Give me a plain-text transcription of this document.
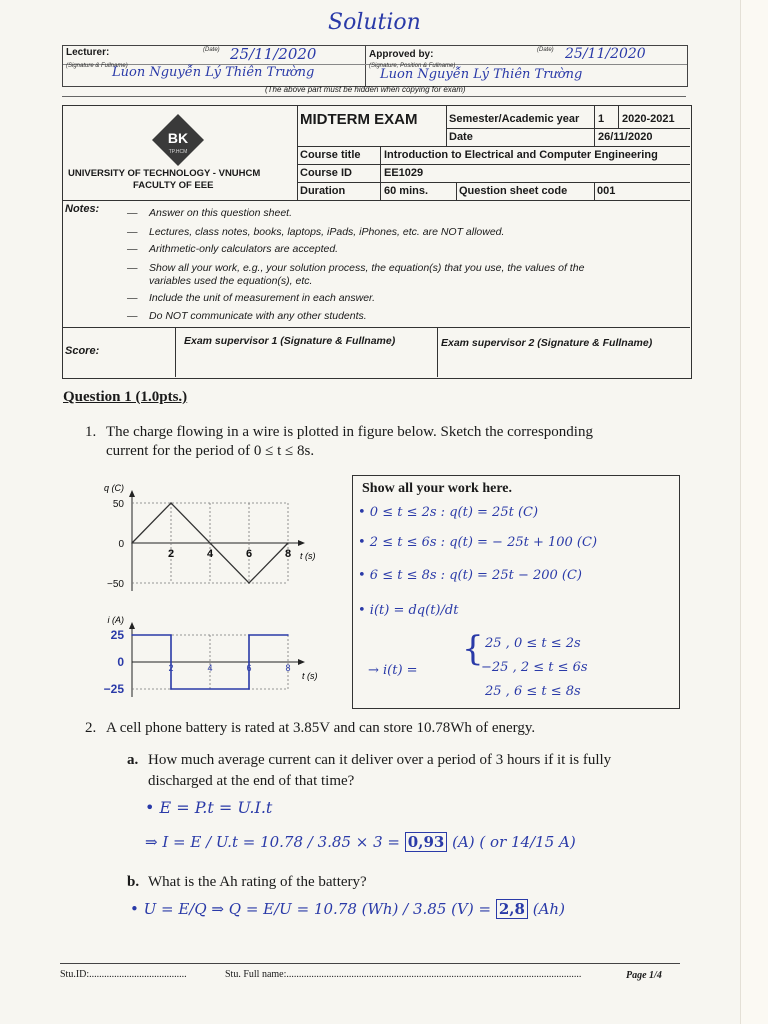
Solution
Lecturer:	(Date) 25/11/2020
(Signature & Fullname)
Luon Nguyễn Lý Thiên Trường
Approved by:	(Date) 25/11/2020
(Signature, Position & Fullname)
Luon Nguyễn Lý Thiên Trường
(The above part must be hidden when copying for exam)
BK
TP.HCM
UNIVERSITY OF TECHNOLOGY - VNUHCM
FACULTY OF EEE
MIDTERM EXAM	Semester/Academic year 1 2020-2021
Date	26/11/2020
Course title Introduction to Electrical and Computer Engineering
Course ID	EE1029
Duration	60 mins.	Question sheet code	001
Notes:	— Answer on this question sheet.
— Lectures, class notes, books, laptops, iPads, iPhones, etc. are NOT allowed.
— Arithmetic-only calculators are accepted.
— Show all your work, e.g., your solution process, the equation(s) that you use, the values of the
variables used the equation(s), etc.
— Include the unit of measurement in each answer.
— Do NOT communicate with any other students.
Score:
Exam supervisor 1 (Signature & Fullname)	Exam supervisor 2 (Signature & Fullname)
Question 1 (1.0pts.)
1. The charge flowing in a wire is plotted in figure below. Sketch the corresponding
current for the period of 0 ≤ t ≤ 8s.
2	4	6	8
50
0
−50
q (C)
t (s)
2	4	6	8
25
0
−25
i (A)
t (s)
Show all your work here.
• 0 ≤ t ≤ 2s : q(t) = 25t (C)
• 2 ≤ t ≤ 6s : q(t) = − 25t + 100 (C)
• 6 ≤ t ≤ 8s : q(t) = 25t − 200 (C)
• i(t) = dq(t)/dt
→ i(t) =
{ 25 , 0 ≤ t ≤ 2s
−25 , 2 ≤ t ≤ 6s
25 , 6 ≤ t ≤ 8s
2. A cell phone battery is rated at 3.85V and can store 10.78Wh of energy.
a. How much average current can it deliver over a period of 3 hours if it is fully
discharged at the end of that time?
• E = P.t = U.I.t
⇒ I = E / U.t = 10.78 / 3.85 × 3 = 0,93 (A) ( or 14/15 A)
b. What is the Ah rating of the battery?
• U = E/Q ⇒ Q = E/U = 10.78 (Wh) / 3.85 (V) = 2,8 (Ah)
Stu.ID:.......................................	Stu. Full name:......................................................................................................................	Page 1/4
